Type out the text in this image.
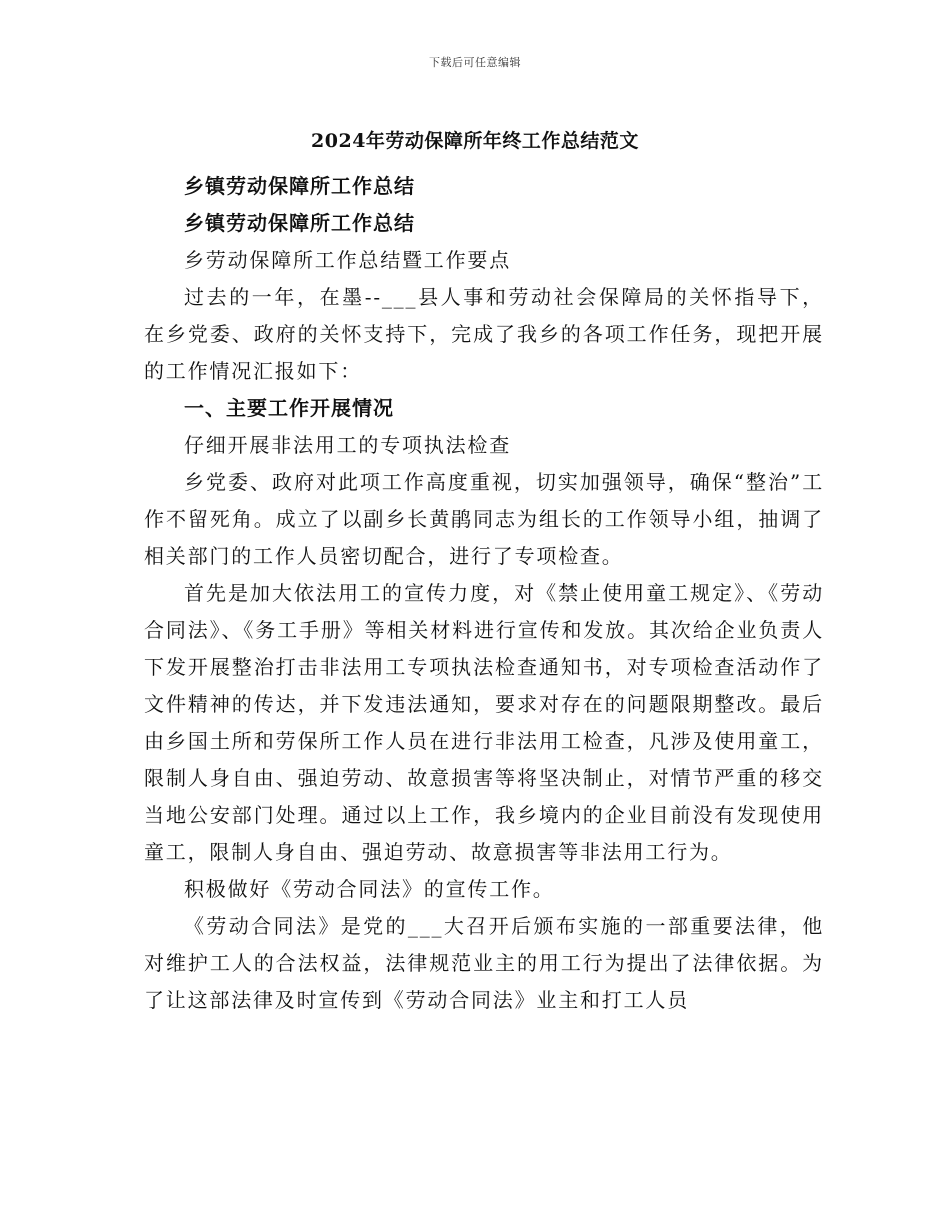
下载后可任意编辑
2024年劳动保障所年终工作总结范文

乡镇劳动保障所工作总结

乡镇劳动保障所工作总结

乡劳动保障所工作总结暨工作要点

过去的一年，在墨--___县人事和劳动社会保障局的关怀指导下，在乡党委、政府的关怀支持下，完成了我乡的各项工作任务，现把开展的工作情况汇报如下：

一、主要工作开展情况

仔细开展非法用工的专项执法检查

乡党委、政府对此项工作高度重视，切实加强领导，确保“整治”工作不留死角。成立了以副乡长黄鹃同志为组长的工作领导小组，抽调了相关部门的工作人员密切配合，进行了专项检查。

首先是加大依法用工的宣传力度，对《禁止使用童工规定》、《劳动合同法》、《务工手册》等相关材料进行宣传和发放。其次给企业负责人下发开展整治打击非法用工专项执法检查通知书，对专项检查活动作了文件精神的传达，并下发违法通知，要求对存在的问题限期整改。最后由乡国土所和劳保所工作人员在进行非法用工检查，凡涉及使用童工，限制人身自由、强迫劳动、故意损害等将坚决制止，对情节严重的移交当地公安部门处理。通过以上工作，我乡境内的企业目前没有发现使用童工，限制人身自由、强迫劳动、故意损害等非法用工行为。

积极做好《劳动合同法》的宣传工作。

《劳动合同法》是党的___大召开后颁布实施的一部重要法律，他对维护工人的合法权益，法律规范业主的用工行为提出了法律依据。为了让这部法律及时宣传到《劳动合同法》业主和打工人员
